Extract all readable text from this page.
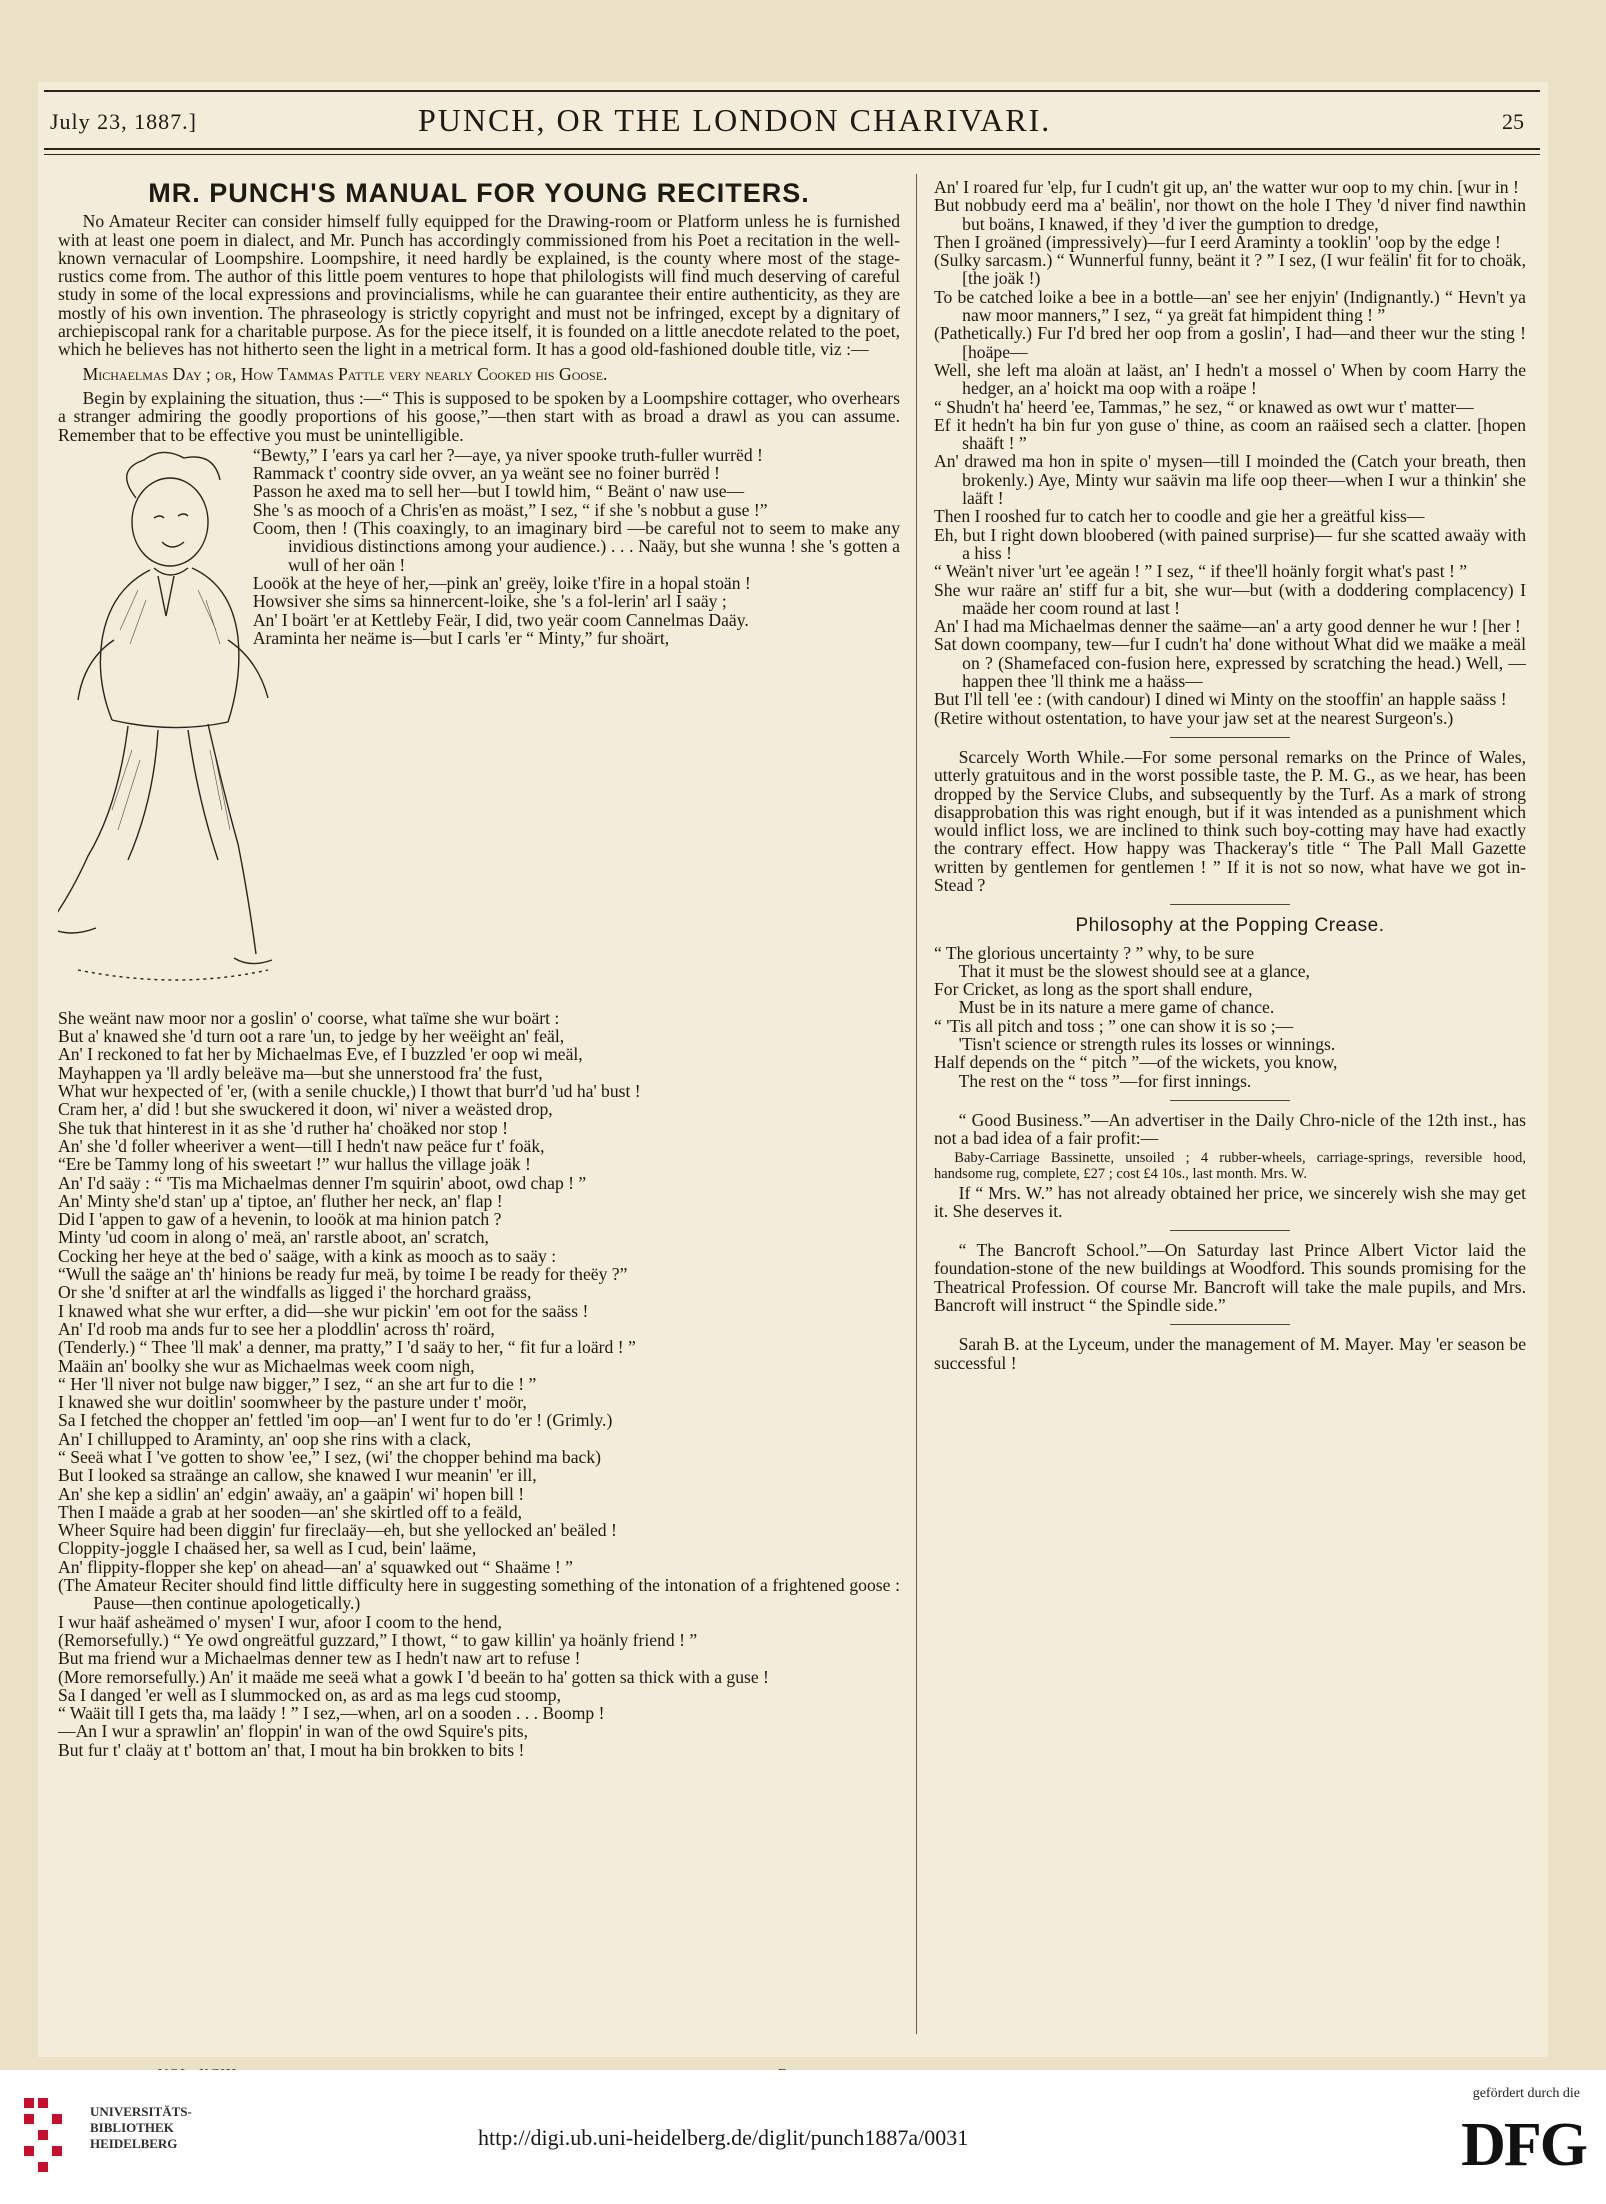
July 23, 1887.]	PUNCH, OR THE LONDON CHARIVARI.	25
MR. PUNCH'S MANUAL FOR YOUNG RECITERS.

No Amateur Reciter can consider himself fully equipped for the Drawing-room or Platform unless he is furnished with at least one poem in dialect, and Mr. Punch has accordingly commissioned from his Poet a recitation in the well-known vernacular of Loompshire. Loompshire, it need hardly be explained, is the county where most of the stage-rustics come from. The author of this little poem ventures to hope that philologists will find much deserving of careful study in some of the local expressions and provincialisms, while he can guarantee their entire authenticity, as they are mostly of his own invention. The phraseology is strictly copyright and must not be infringed, except by a dignitary of archiepiscopal rank for a charitable purpose. As for the piece itself, it is founded on a little anecdote related to the poet, which he believes has not hitherto seen the light in a metrical form. It has a good old-fashioned double title, viz :—

Michaelmas Day ; or, How Tammas Pattle very nearly Cooked his Goose.

Begin by explaining the situation, thus :—“ This is supposed to be spoken by a Loompshire cottager, who overhears a stranger admiring the goodly proportions of his goose,”—then start with as broad a drawl as you can assume. Remember that to be effective you must be unintelligible.

“Bewty,” I 'ears ya carl her ?—aye, ya niver spooke truth-fuller wurrëd !

Rammack t' coontry side ovver, an ya weänt see no foiner burrëd !

Passon he axed ma to sell her—but I towld him, “ Beänt o' naw use—

She 's as mooch of a Chris'en as moäst,” I sez, “ if she 's nobbut a guse !”

Coom, then ! (This coaxingly, to an imaginary bird —be careful not to seem to make any invidious distinctions among your audience.) . . . Naäy, but she wunna ! she 's gotten a wull of her oän !

Looök at the heye of her,—pink an' greëy, loike t'fire in a hopal stoän !

Howsiver she sims sa hinnercent-loike, she 's a fol-lerin' arl I saäy ;

An' I boärt 'er at Kettleby Feär, I did, two yeär coom Cannelmas Daäy.

Araminta her neäme is—but I carls 'er “ Minty,” fur shoärt,

She weänt naw moor nor a goslin' o' coorse, what taïme she wur boärt :

But a' knawed she 'd turn oot a rare 'un, to jedge by her weëight an' feäl,

An' I reckoned to fat her by Michaelmas Eve, ef I buzzled 'er oop wi meäl,

Mayhappen ya 'll ardly beleäve ma—but she unnerstood fra' the fust,

What wur hexpected of 'er, (with a senile chuckle,) I thowt that burr'd 'ud ha' bust !

Cram her, a' did ! but she swuckered it doon, wi' niver a weästed drop,

She tuk that hinterest in it as she 'd ruther ha' choäked nor stop !

An' she 'd foller wheeriver a went—till I hedn't naw peäce fur t' foäk,

“Ere be Tammy long of his sweetart !” wur hallus the village joäk !

An' I'd saäy : “ 'Tis ma Michaelmas denner I'm squirin' aboot, owd chap ! ”

An' Minty she'd stan' up a' tiptoe, an' fluther her neck, an' flap !

Did I 'appen to gaw of a hevenin, to looök at ma hinion patch ?

Minty 'ud coom in along o' meä, an' rarstle aboot, an' scratch,

Cocking her heye at the bed o' saäge, with a kink as mooch as to saäy :

“Wull the saäge an' th' hinions be ready fur meä, by toime I be ready for theëy ?”

Or she 'd snifter at arl the windfalls as ligged i' the horchard graäss,

I knawed what she wur erfter, a did—she wur pickin' 'em oot for the saäss !

An' I'd roob ma ands fur to see her a ploddlin' across th' roärd,

(Tenderly.) “ Thee 'll mak' a denner, ma pratty,” I 'd saäy to her, “ fit fur a loärd ! ”

Maäin an' boolky she wur as Michaelmas week coom nigh,

“ Her 'll niver not bulge naw bigger,” I sez, “ an she art fur to die ! ”

I knawed she wur doitlin' soomwheer by the pasture under t' moör,

Sa I fetched the chopper an' fettled 'im oop—an' I went fur to do 'er ! (Grimly.)

An' I chillupped to Araminty, an' oop she rins with a clack,

“ Seeä what I 've gotten to show 'ee,” I sez, (wi' the chopper behind ma back)

But I looked sa straänge an callow, she knawed I wur meanin' 'er ill,

An' she kep a sidlin' an' edgin' awaäy, an' a gaäpin' wi' hopen bill !

Then I maäde a grab at her sooden—an' she skirtled off to a feäld,

Wheer Squire had been diggin' fur fireclaäy—eh, but she yellocked an' beäled !

Cloppity-joggle I chaäsed her, sa well as I cud, bein' laäme,

An' flippity-flopper she kep' on ahead—an' a' squawked out “ Shaäme ! ”

(The Amateur Reciter should find little difficulty here in suggesting something of the intonation of a frightened goose : Pause—then continue apologetically.)

I wur haäf asheämed o' mysen' I wur, afoor I coom to the hend,

(Remorsefully.) “ Ye owd ongreätful guzzard,” I thowt, “ to gaw killin' ya hoänly friend ! ”

But ma friend wur a Michaelmas denner tew as I hedn't naw art to refuse !

(More remorsefully.) An' it maäde me seeä what a gowk I 'd beeän to ha' gotten sa thick with a guse !

Sa I danged 'er well as I slummocked on, as ard as ma legs cud stoomp,

“ Waäit till I gets tha, ma laädy ! ” I sez,—when, arl on a sooden . . . Boomp !

—An I wur a sprawlin' an' floppin' in wan of the owd Squire's pits,

But fur t' claäy at t' bottom an' that, I mout ha bin brokken to bits !

An' I roared fur 'elp, fur I cudn't git up, an' the watter wur oop to my chin. [wur in !

But nobbudy eerd ma a' beälin', nor thowt on the hole I They 'd niver find nawthin but boäns, I knawed, if they 'd iver the gumption to dredge,

Then I groäned (impressively)—fur I eerd Araminty a tooklin' 'oop by the edge !

(Sulky sarcasm.) “ Wunnerful funny, beänt it ? ” I sez, (I wur feälin' fit for to choäk, [the joäk !)

To be catched loike a bee in a bottle—an' see her enjyin' (Indignantly.) “ Hevn't ya naw moor manners,” I sez, “ ya greät fat himpident thing ! ”

(Pathetically.) Fur I'd bred her oop from a goslin', I had—and theer wur the sting ! [hoäpe—

Well, she left ma aloän at laäst, an' I hedn't a mossel o' When by coom Harry the hedger, an a' hoickt ma oop with a roäpe !

“ Shudn't ha' heerd 'ee, Tammas,” he sez, “ or knawed as owt wur t' matter—

Ef it hedn't ha bin fur yon guse o' thine, as coom an raäised sech a clatter. [hopen shaäft ! ”

An' drawed ma hon in spite o' mysen—till I moinded the (Catch your breath, then brokenly.) Aye, Minty wur saävin ma life oop theer—when I wur a thinkin' she laäft !

Then I rooshed fur to catch her to coodle and gie her a greätful kiss—

Eh, but I right down bloobered (with pained surprise)— fur she scatted awaäy with a hiss !

“ Weän't niver 'urt 'ee ageän ! ” I sez, “ if thee'll hoänly forgit what's past ! ”

She wur raäre an' stiff fur a bit, she wur—but (with a doddering complacency) I maäde her coom round at last !

An' I had ma Michaelmas denner the saäme—an' a arty good denner he wur ! [her !

Sat down coompany, tew—fur I cudn't ha' done without What did we maäke a meäl on ? (Shamefaced con-fusion here, expressed by scratching the head.) Well, —happen thee 'll think me a haäss—

But I'll tell 'ee : (with candour) I dined wi Minty on the stooffin' an happle saäss !

(Retire without ostentation, to have your jaw set at the nearest Surgeon's.)

Scarcely Worth While.—For some personal remarks on the Prince of Wales, utterly gratuitous and in the worst possible taste, the P. M. G., as we hear, has been dropped by the Service Clubs, and subsequently by the Turf. As a mark of strong disapprobation this was right enough, but if it was intended as a punishment which would inflict loss, we are inclined to think such boy-cotting may have had exactly the contrary effect. How happy was Thackeray's title “ The Pall Mall Gazette written by gentlemen for gentlemen ! ” If it is not so now, what have we got in-Stead ?

Philosophy at the Popping Crease.

“ The glorious uncertainty ? ” why, to be sure

That it must be the slowest should see at a glance,

For Cricket, as long as the sport shall endure,

Must be in its nature a mere game of chance.

“ 'Tis all pitch and toss ; ” one can show it is so ;—

'Tisn't science or strength rules its losses or winnings.

Half depends on the “ pitch ”—of the wickets, you know,

The rest on the “ toss ”—for first innings.

“ Good Business.”—An advertiser in the Daily Chro-nicle of the 12th inst., has not a bad idea of a fair profit:—

Baby-Carriage Bassinette, unsoiled ; 4 rubber-wheels, carriage-springs, reversible hood, handsome rug, complete, £27 ; cost £4 10s., last month. Mrs. W.

If “ Mrs. W.” has not already obtained her price, we sincerely wish she may get it. She deserves it.

“ The Bancroft School.”—On Saturday last Prince Albert Victor laid the foundation-stone of the new buildings at Woodford. This sounds promising for the Theatrical Profession. Of course Mr. Bancroft will take the male pupils, and Mrs. Bancroft will instruct “ the Spindle side.”

Sarah B. at the Lyceum, under the management of M. Mayer. May 'er season be successful !

UNIVERSITÄTS-
BIBLIOTHEK
HEIDELBERG	http://digi.ub.uni-heidelberg.de/diglit/punch1887a/0031
gefördert durch die
DFG
